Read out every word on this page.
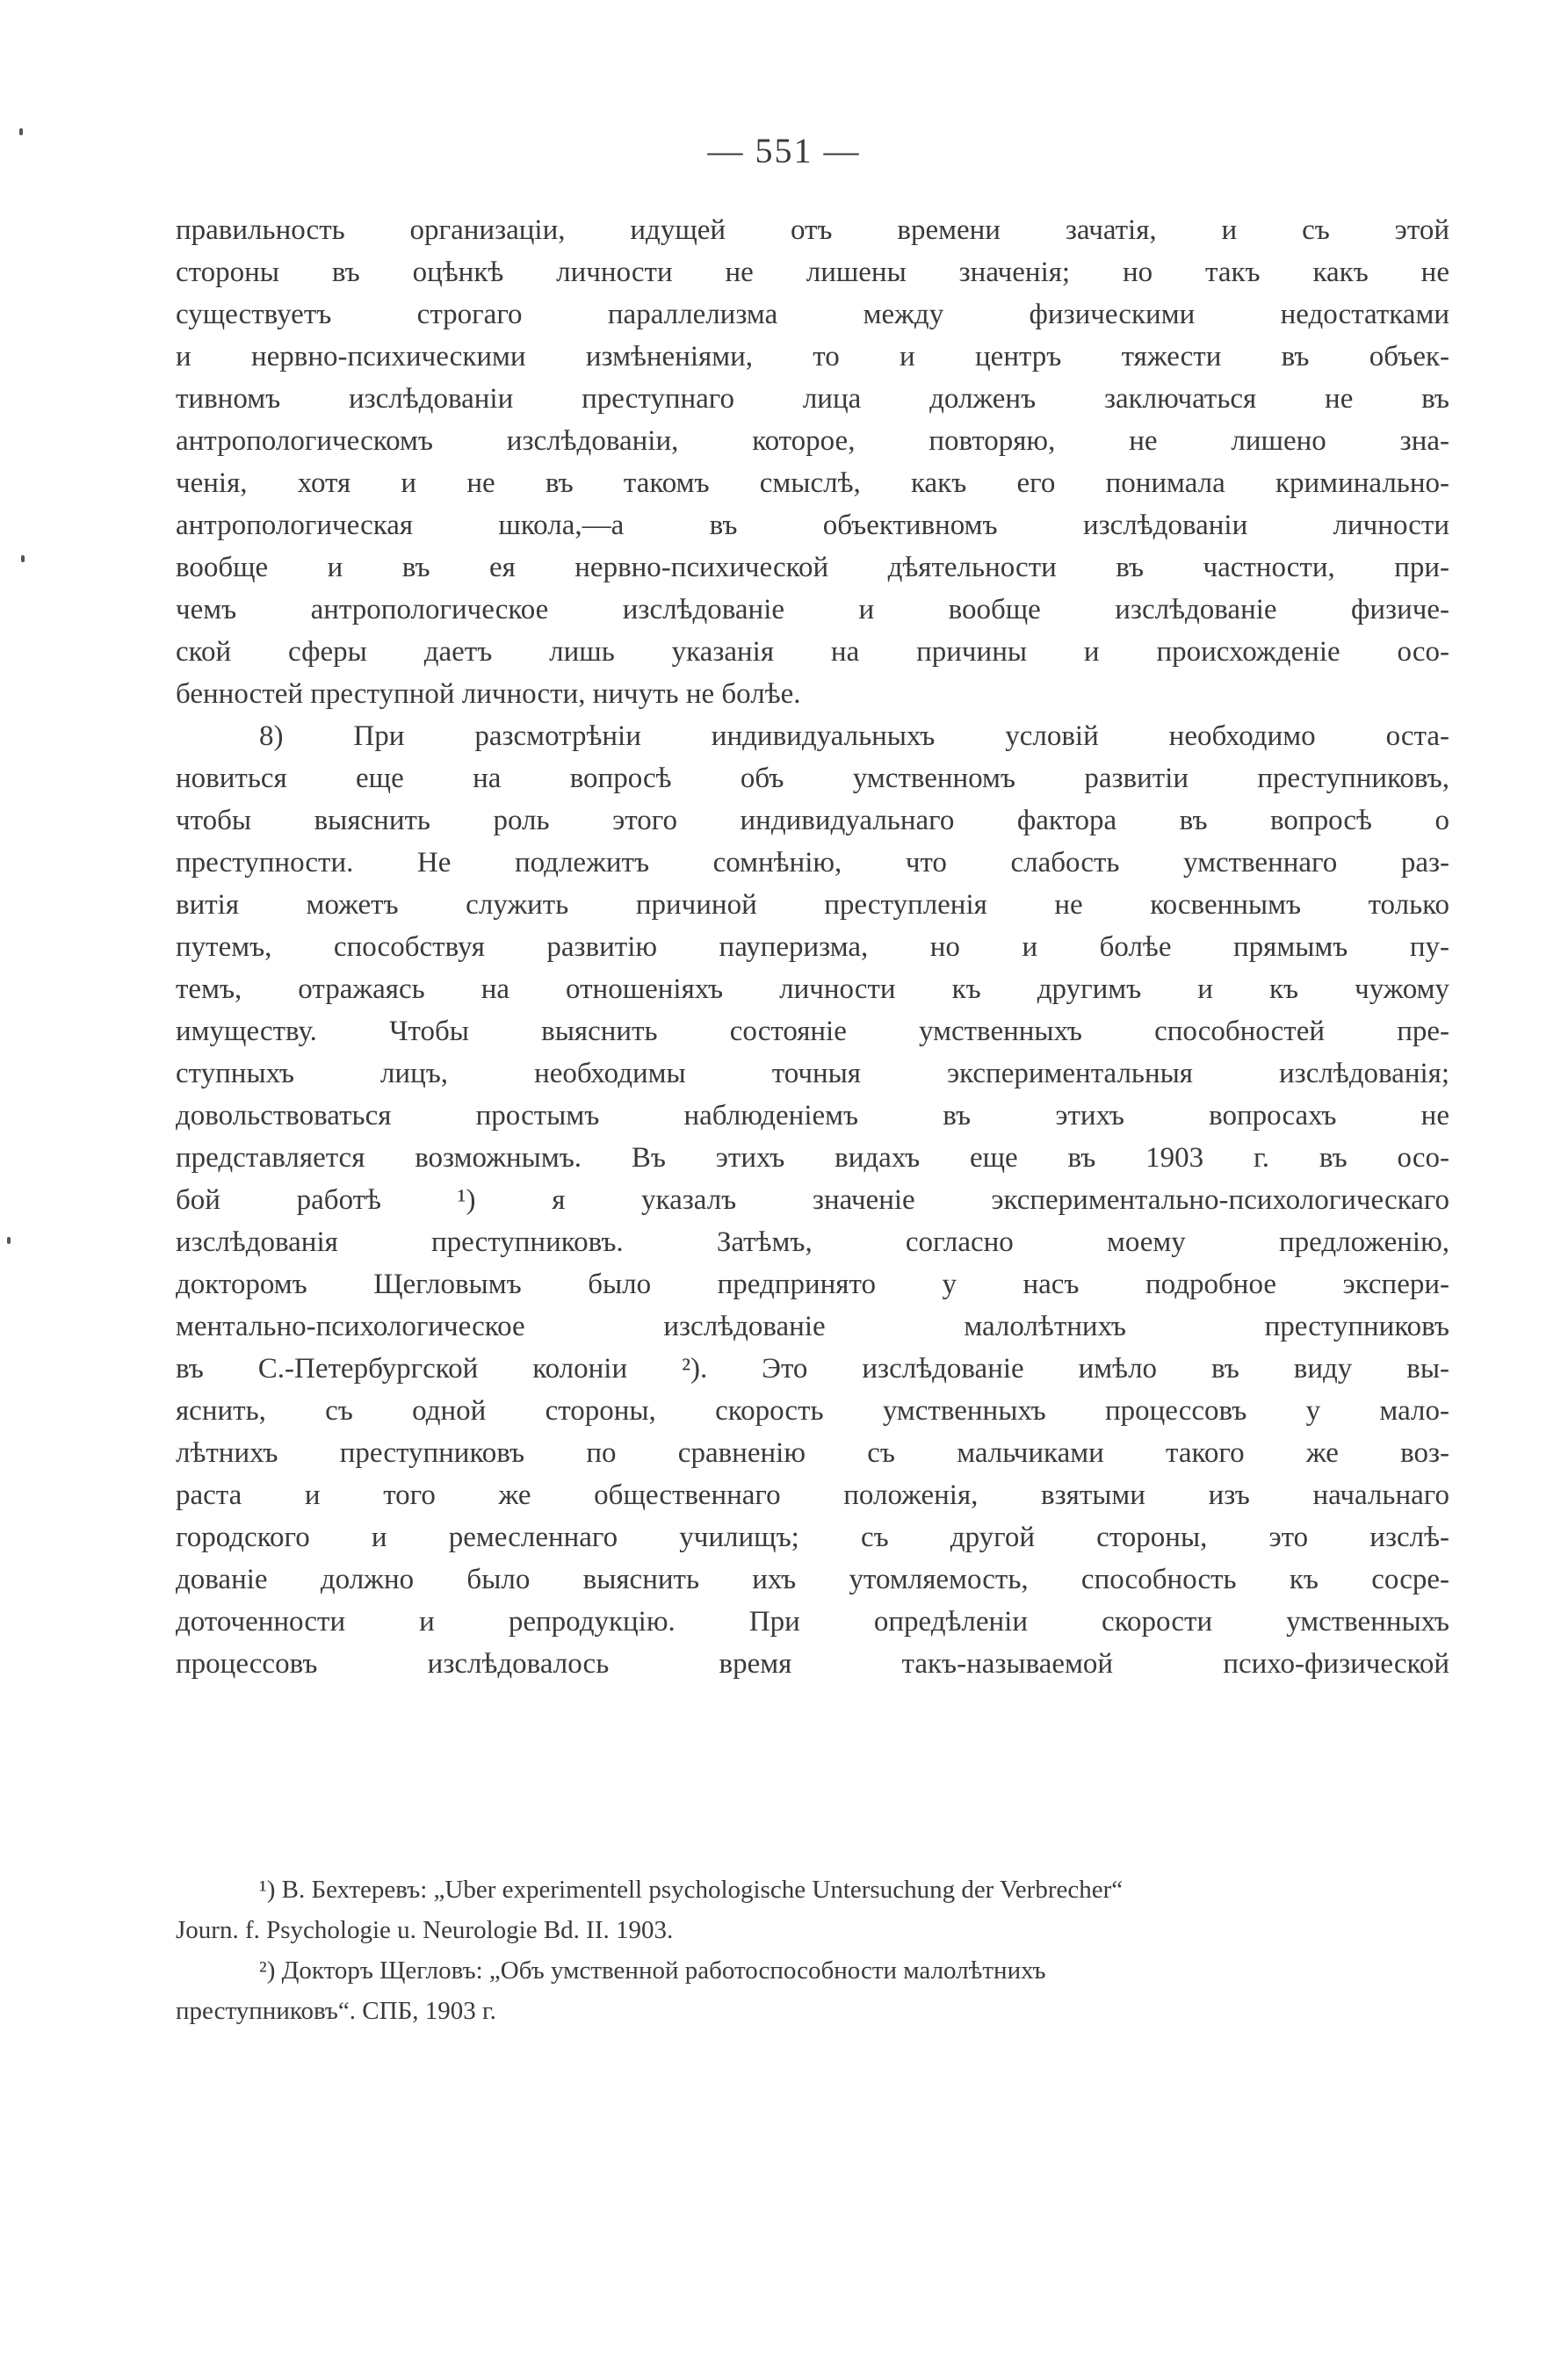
— 551 —
правильность организацiи, идущей отъ времени зачатiя, и съ этой
стороны въ оцѣнкѣ личности не лишены значенiя; но такъ какъ не
существуетъ строгаго параллелизма между физическими недостатками
и нервно-психическими измѣненiями, то и центръ тяжести въ объек-
тивномъ изслѣдованiи преступнаго лица долженъ заключаться не въ
антропологическомъ изслѣдованiи, которое, повторяю, не лишено зна-
ченiя, хотя и не въ такомъ смыслѣ, какъ его понимала криминально-
антропологическая школа,—а въ объективномъ изслѣдованiи личности
вообще и въ ея нервно-психической дѣятельности въ частности, при-
чемъ антропологическое изслѣдованiе и вообще изслѣдованiе физиче-
ской сферы даетъ лишь указанiя на причины и происхожденiе осо-
бенностей преступной личности, ничуть не болѣе.
8) При разсмотрѣнiи индивидуальныхъ условiй необходимо оста-
новиться еще на вопросѣ объ умственномъ развитiи преступниковъ,
чтобы выяснить роль этого индивидуальнаго фактора въ вопросѣ о
преступности. Не подлежитъ сомнѣнiю, что слабость умственнаго раз-
витiя можетъ служить причиной преступленiя не косвеннымъ только
путемъ, способствуя развитiю пауперизма, но и болѣе прямымъ пу-
темъ, отражаясь на отношенiяхъ личности къ другимъ и къ чужому
имуществу. Чтобы выяснить состоянiе умственныхъ способностей пре-
ступныхъ лицъ, необходимы точныя экспериментальныя изслѣдованiя;
довольствоваться простымъ наблюденiемъ въ этихъ вопросахъ не
представляется возможнымъ. Въ этихъ видахъ еще въ 1903 г. въ осо-
бой работѣ ¹) я указалъ значенiе экспериментально-психологическаго
изслѣдованiя преступниковъ. Затѣмъ, согласно моему предложенiю,
докторомъ Щегловымъ было предпринято у насъ подробное экспери-
ментально-психологическое изслѣдованiе малолѣтнихъ преступниковъ
въ С.-Петербургской колонiи ²). Это изслѣдованiе имѣло въ виду вы-
яснить, съ одной стороны, скорость умственныхъ процессовъ у мало-
лѣтнихъ преступниковъ по сравненiю съ мальчиками такого же воз-
раста и того же общественнаго положенiя, взятыми изъ начальнаго
городского и ремесленнаго училищъ; съ другой стороны, это изслѣ-
дованiе должно было выяснить ихъ утомляемость, способность къ сосре-
доточенности и репродукцiю. При опредѣленiи скорости умственныхъ
процессовъ изслѣдовалось время такъ-называемой психо-физической
¹) В. Бехтеревъ: „Uber experimentell psychologische Untersuchung der Verbrecher“
Journ. f. Psychologie u. Neurologie Bd. II. 1903.
²) Докторъ Щегловъ: „Объ умственной работоспособности малолѣтнихъ
преступниковъ“. СПБ, 1903 г.
